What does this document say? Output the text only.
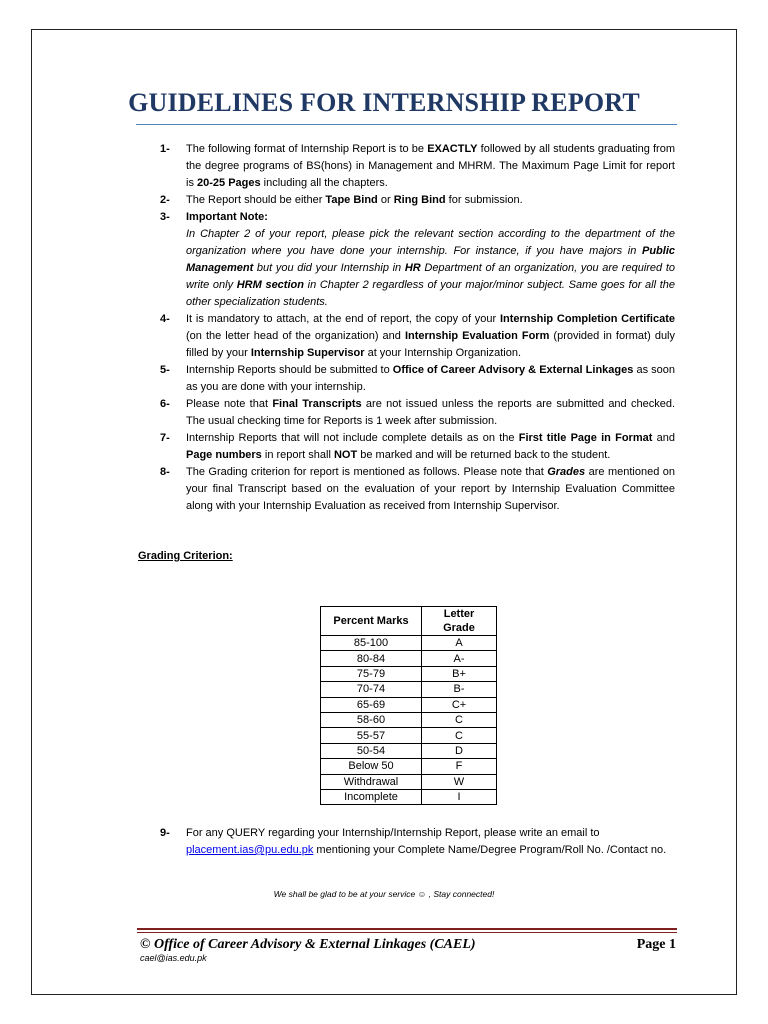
GUIDELINES FOR INTERNSHIP REPORT
1- The following format of Internship Report is to be EXACTLY followed by all students graduating from the degree programs of BS(hons) in Management and MHRM. The Maximum Page Limit for report is 20-25 Pages including all the chapters.
2- The Report should be either Tape Bind or Ring Bind for submission.
3- Important Note:
In Chapter 2 of your report, please pick the relevant section according to the department of the organization where you have done your internship. For instance, if you have majors in Public Management but you did your Internship in HR Department of an organization, you are required to write only HRM section in Chapter 2 regardless of your major/minor subject. Same goes for all the other specialization students.
4- It is mandatory to attach, at the end of report, the copy of your Internship Completion Certificate (on the letter head of the organization) and Internship Evaluation Form (provided in format) duly filled by your Internship Supervisor at your Internship Organization.
5- Internship Reports should be submitted to Office of Career Advisory & External Linkages as soon as you are done with your internship.
6- Please note that Final Transcripts are not issued unless the reports are submitted and checked. The usual checking time for Reports is 1 week after submission.
7- Internship Reports that will not include complete details as on the First title Page in Format and Page numbers in report shall NOT be marked and will be returned back to the student.
8- The Grading criterion for report is mentioned as follows. Please note that Grades are mentioned on your final Transcript based on the evaluation of your report by Internship Evaluation Committee along with your Internship Evaluation as received from Internship Supervisor.

Grading Criterion:

Percent Marks	Letter Grade
85-100	A
80-84	A-
75-79	B+
70-74	B-
65-69	C+
58-60	C
55-57	C
50-54	D
Below 50	F
Withdrawal	W
Incomplete	I
9- For any QUERY regarding your Internship/Internship Report, please write an email to
placement.ias@pu.edu.pk mentioning your Complete Name/Degree Program/Roll No. /Contact no.

We shall be glad to be at your service ☺ , Stay connected!

© Office of Career Advisory & External Linkages (CAEL)	Page 1

cael@ias.edu.pk
